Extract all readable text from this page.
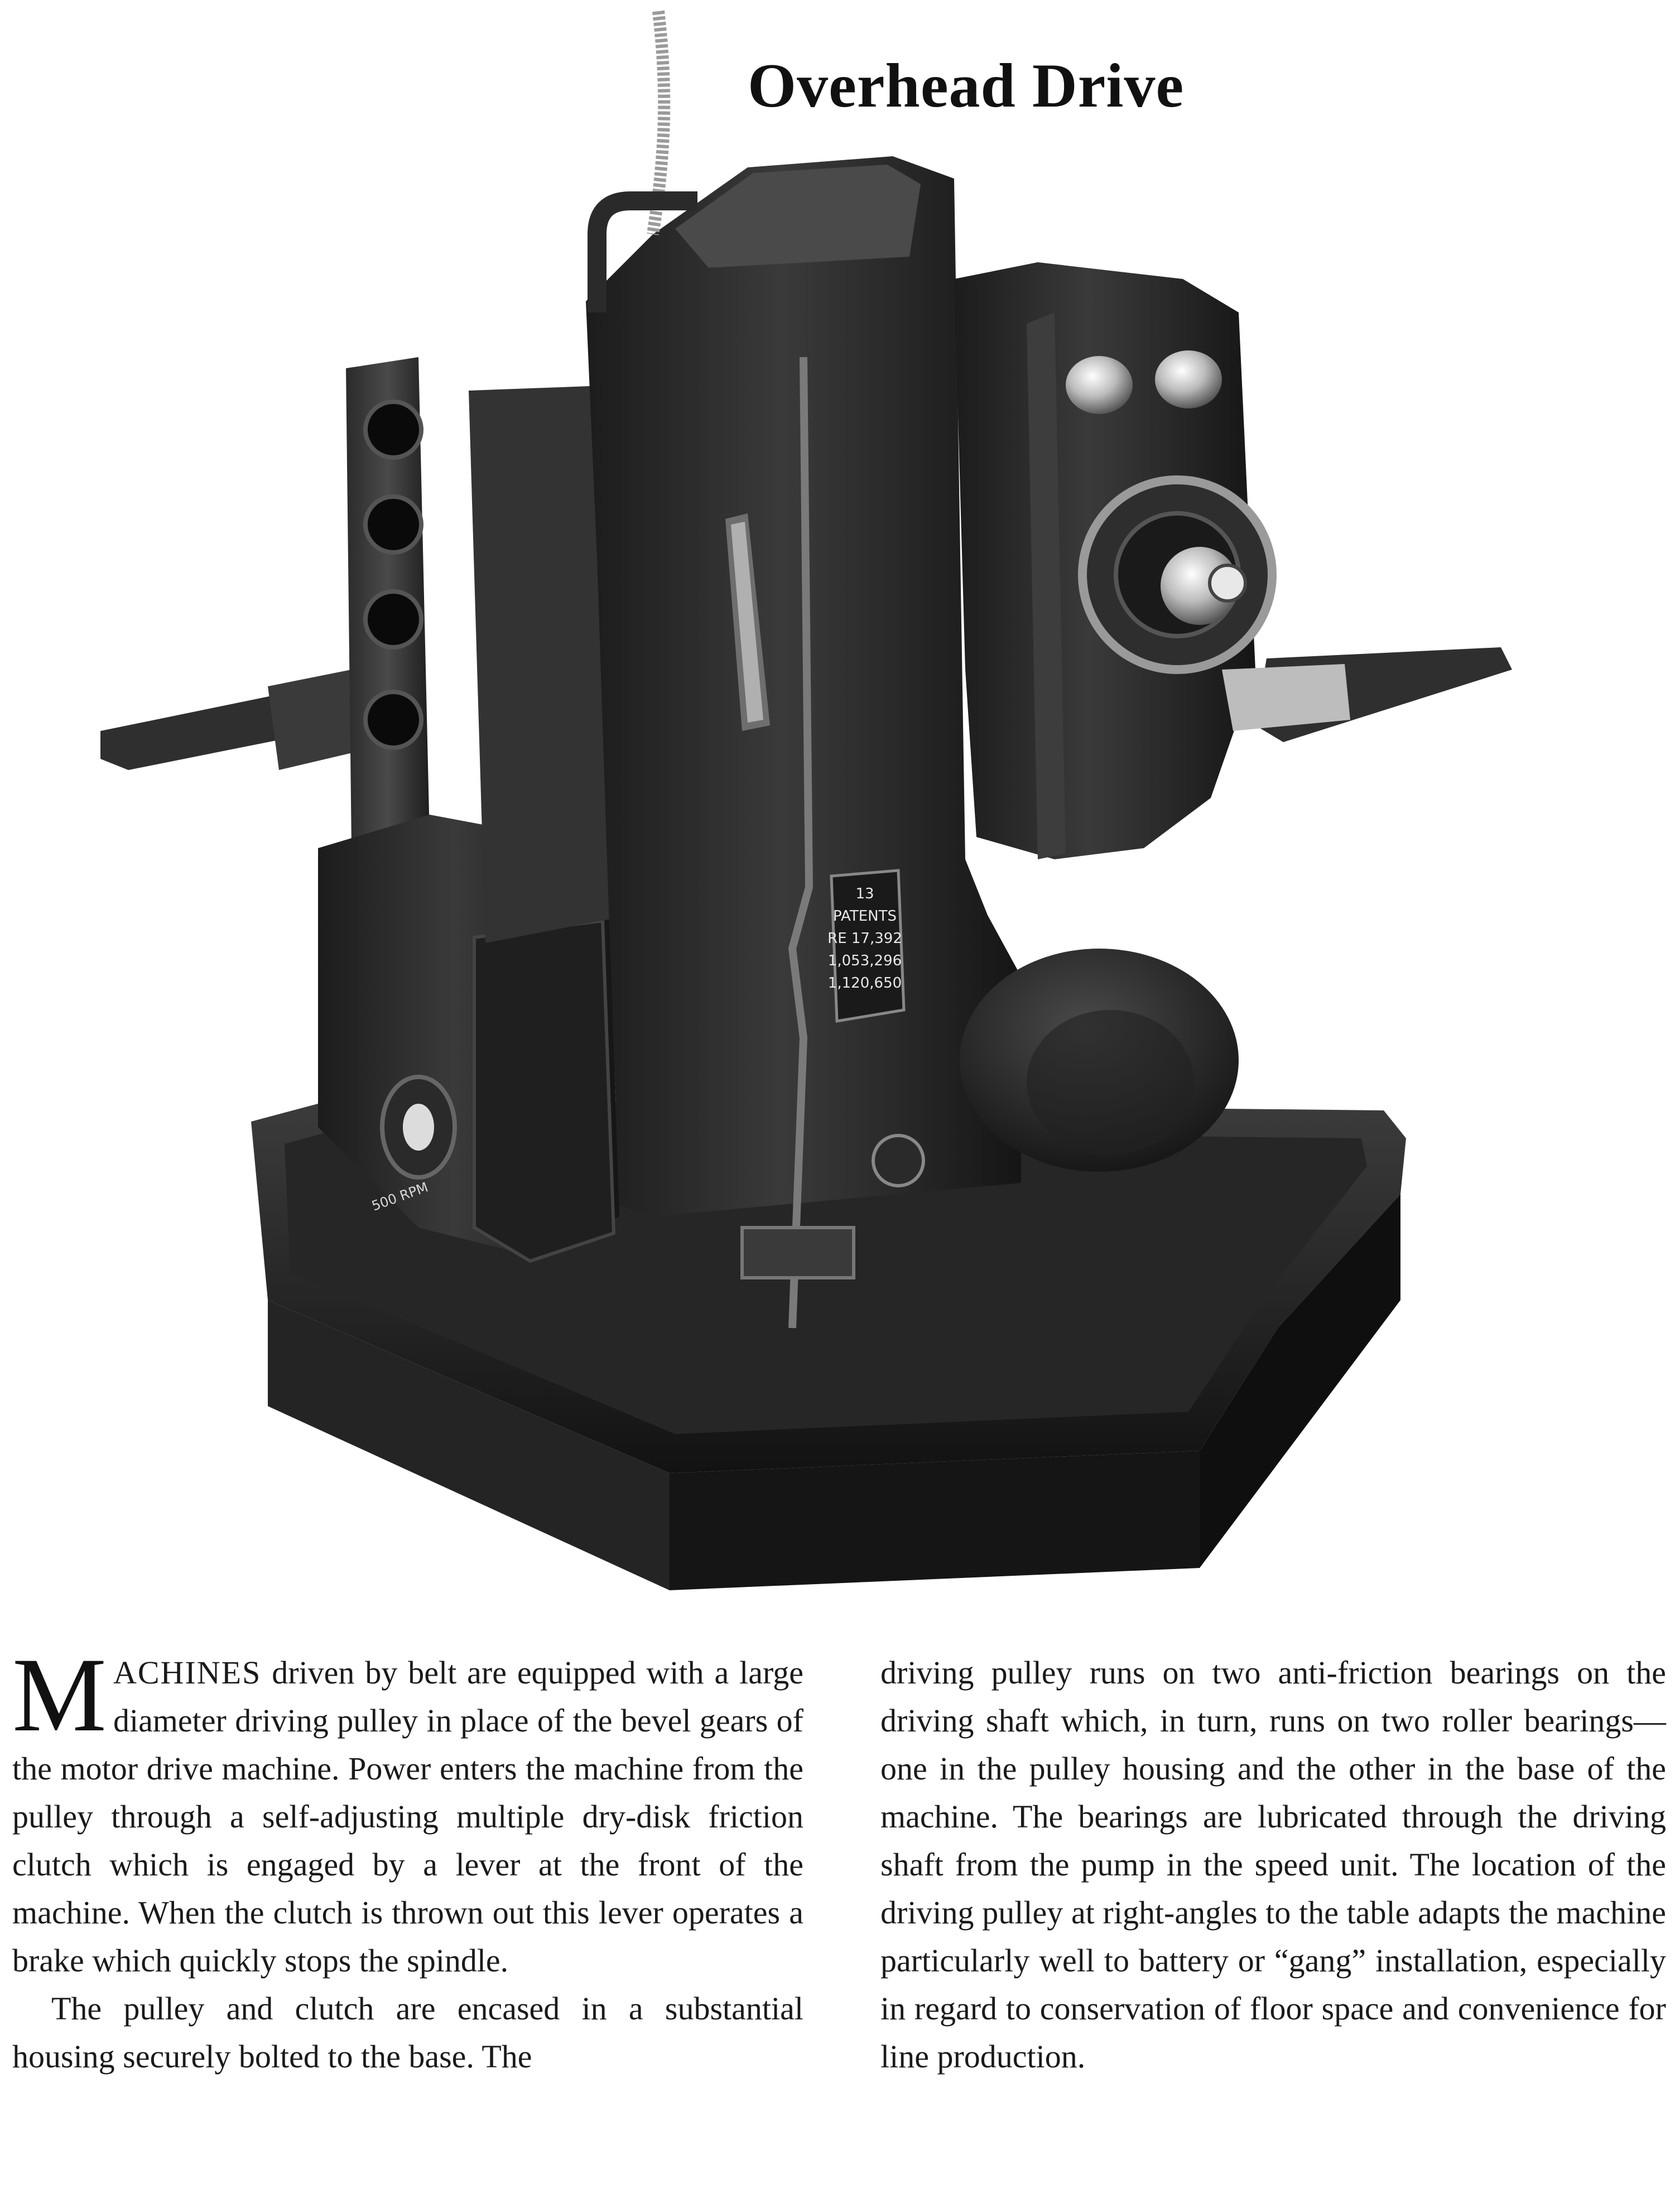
Overhead Drive
500 RPM
13
PATENTS
RE 17,392
1,053,296
1,120,650

MACHINES driven by belt are equipped with a large diameter driving pulley in place of the bevel gears of the motor drive machine. Power enters the machine from the pulley through a self-adjusting multiple dry-disk friction clutch which is engaged by a lever at the front of the machine. When the clutch is thrown out this lever operates a brake which quickly stops the spindle.

The pulley and clutch are encased in a substantial housing securely bolted to the base. The

driving pulley runs on two anti-friction bearings on the driving shaft which, in turn, runs on two roller bearings—one in the pulley housing and the other in the base of the machine. The bearings are lubricated through the driving shaft from the pump in the speed unit. The location of the driving pulley at right-angles to the table adapts the machine particularly well to battery or “gang” installation, especially in regard to conservation of floor space and convenience for line production.
